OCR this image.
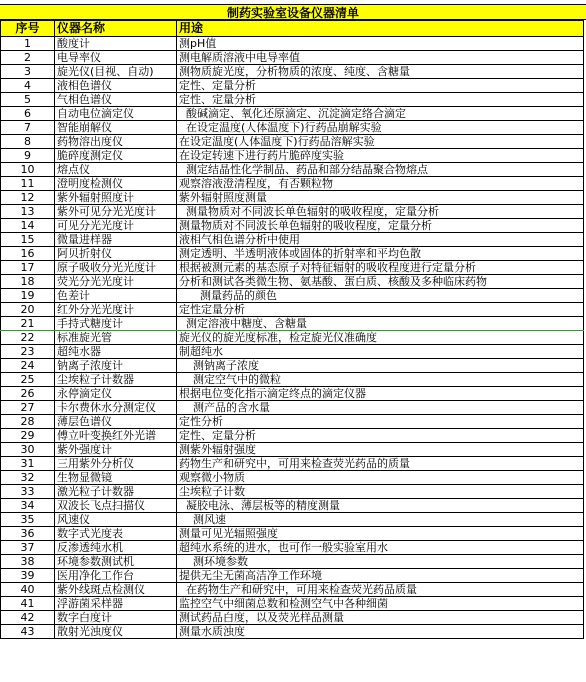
制药实验室设备仪器清单
序号	仪器名称	用途
1	酸度计	测pH值
2	电导率仪	测电解质溶液中电导率值
3	旋光仪(目视、自动)	测物质旋光度，分析物质的浓度、纯度、含糖量
4	液相色谱仪	定性、定量分析
5	气相色谱仪	定性、定量分析
6	自动电位滴定仪	酸碱滴定、氧化还原滴定、沉淀滴定络合滴定
7	智能崩解仪	在设定温度(人体温度下)行药品崩解实验
8	药物溶出度仪	在设定温度(人体温度下)行药品溶解实验
9	脆碎度测定仪	在设定转速下进行药片脆碎度实验
10	熔点仪	测定结晶性化学制品、药品和部分结晶聚合物熔点
11	澄明度检测仪	观察溶液澄清程度，有否颗粒物
12	紫外辐射照度计	紫外辐射照度测量
13	紫外可见分光光度计	测量物质对不同波长单色辐射的吸收程度，定量分析
14	可见分光光度计	测量物质对不同波长单色辐射的吸收程度，定量分析
15	微量进样器	液相气相色谱分析中使用
16	阿贝折射仪	测定透明、半透明液体或固体的折射率和平均色散
17	原子吸收分光光度计	根据被测元素的基态原子对特征辐射的吸收程度进行定量分析
18	荧光分光光度计	分析和测试各类微生物、氨基酸、蛋白质、核酸及多种临床药物
19	色差计	测量药品的颜色
20	红外分光光度计	定性定量分析
21	手持式糖度计	测定溶液中糖度、含糖量
22	标准旋光管	旋光仪的旋光度标准，检定旋光仪准确度
23	超纯水器	制超纯水
24	钠离子浓度计	测钠离子浓度
25	尘埃粒子计数器	测定空气中的微粒
26	永停滴定仪	根据电位变化指示滴定终点的滴定仪器
27	卡尔费休水分测定仪	测产品的含水量
28	薄层色谱仪	定性分析
29	傅立叶变换红外光谱	定性、定量分析
30	紫外强度计	测紫外辐射强度
31	三用紫外分析仪	药物生产和研究中，可用来检查荧光药品的质量
32	生物显微镜	观察微小物质
33	激光粒子计数器	尘埃粒子计数
34	双波长飞点扫描仪	凝胶电泳、薄层板等的精度测量
35	风速仪	测风速
36	数字式光度表	测量可见光辐照强度
37	反渗透纯水机	超纯水系统的进水，也可作一般实验室用水
38	环境参数测试机	测环境参数
39	医用净化工作台	提供无尘无菌高洁净工作环境
40	紫外线斑点检测仪	在药物生产和研究中，可用来检查荧光药品质量
41	浮游菌采样器	监控空气中细菌总数和检测空气中各种细菌
42	数字白度计	测试药品白度，以及荧光样品测量
43	散射光浊度仪	测量水质浊度
